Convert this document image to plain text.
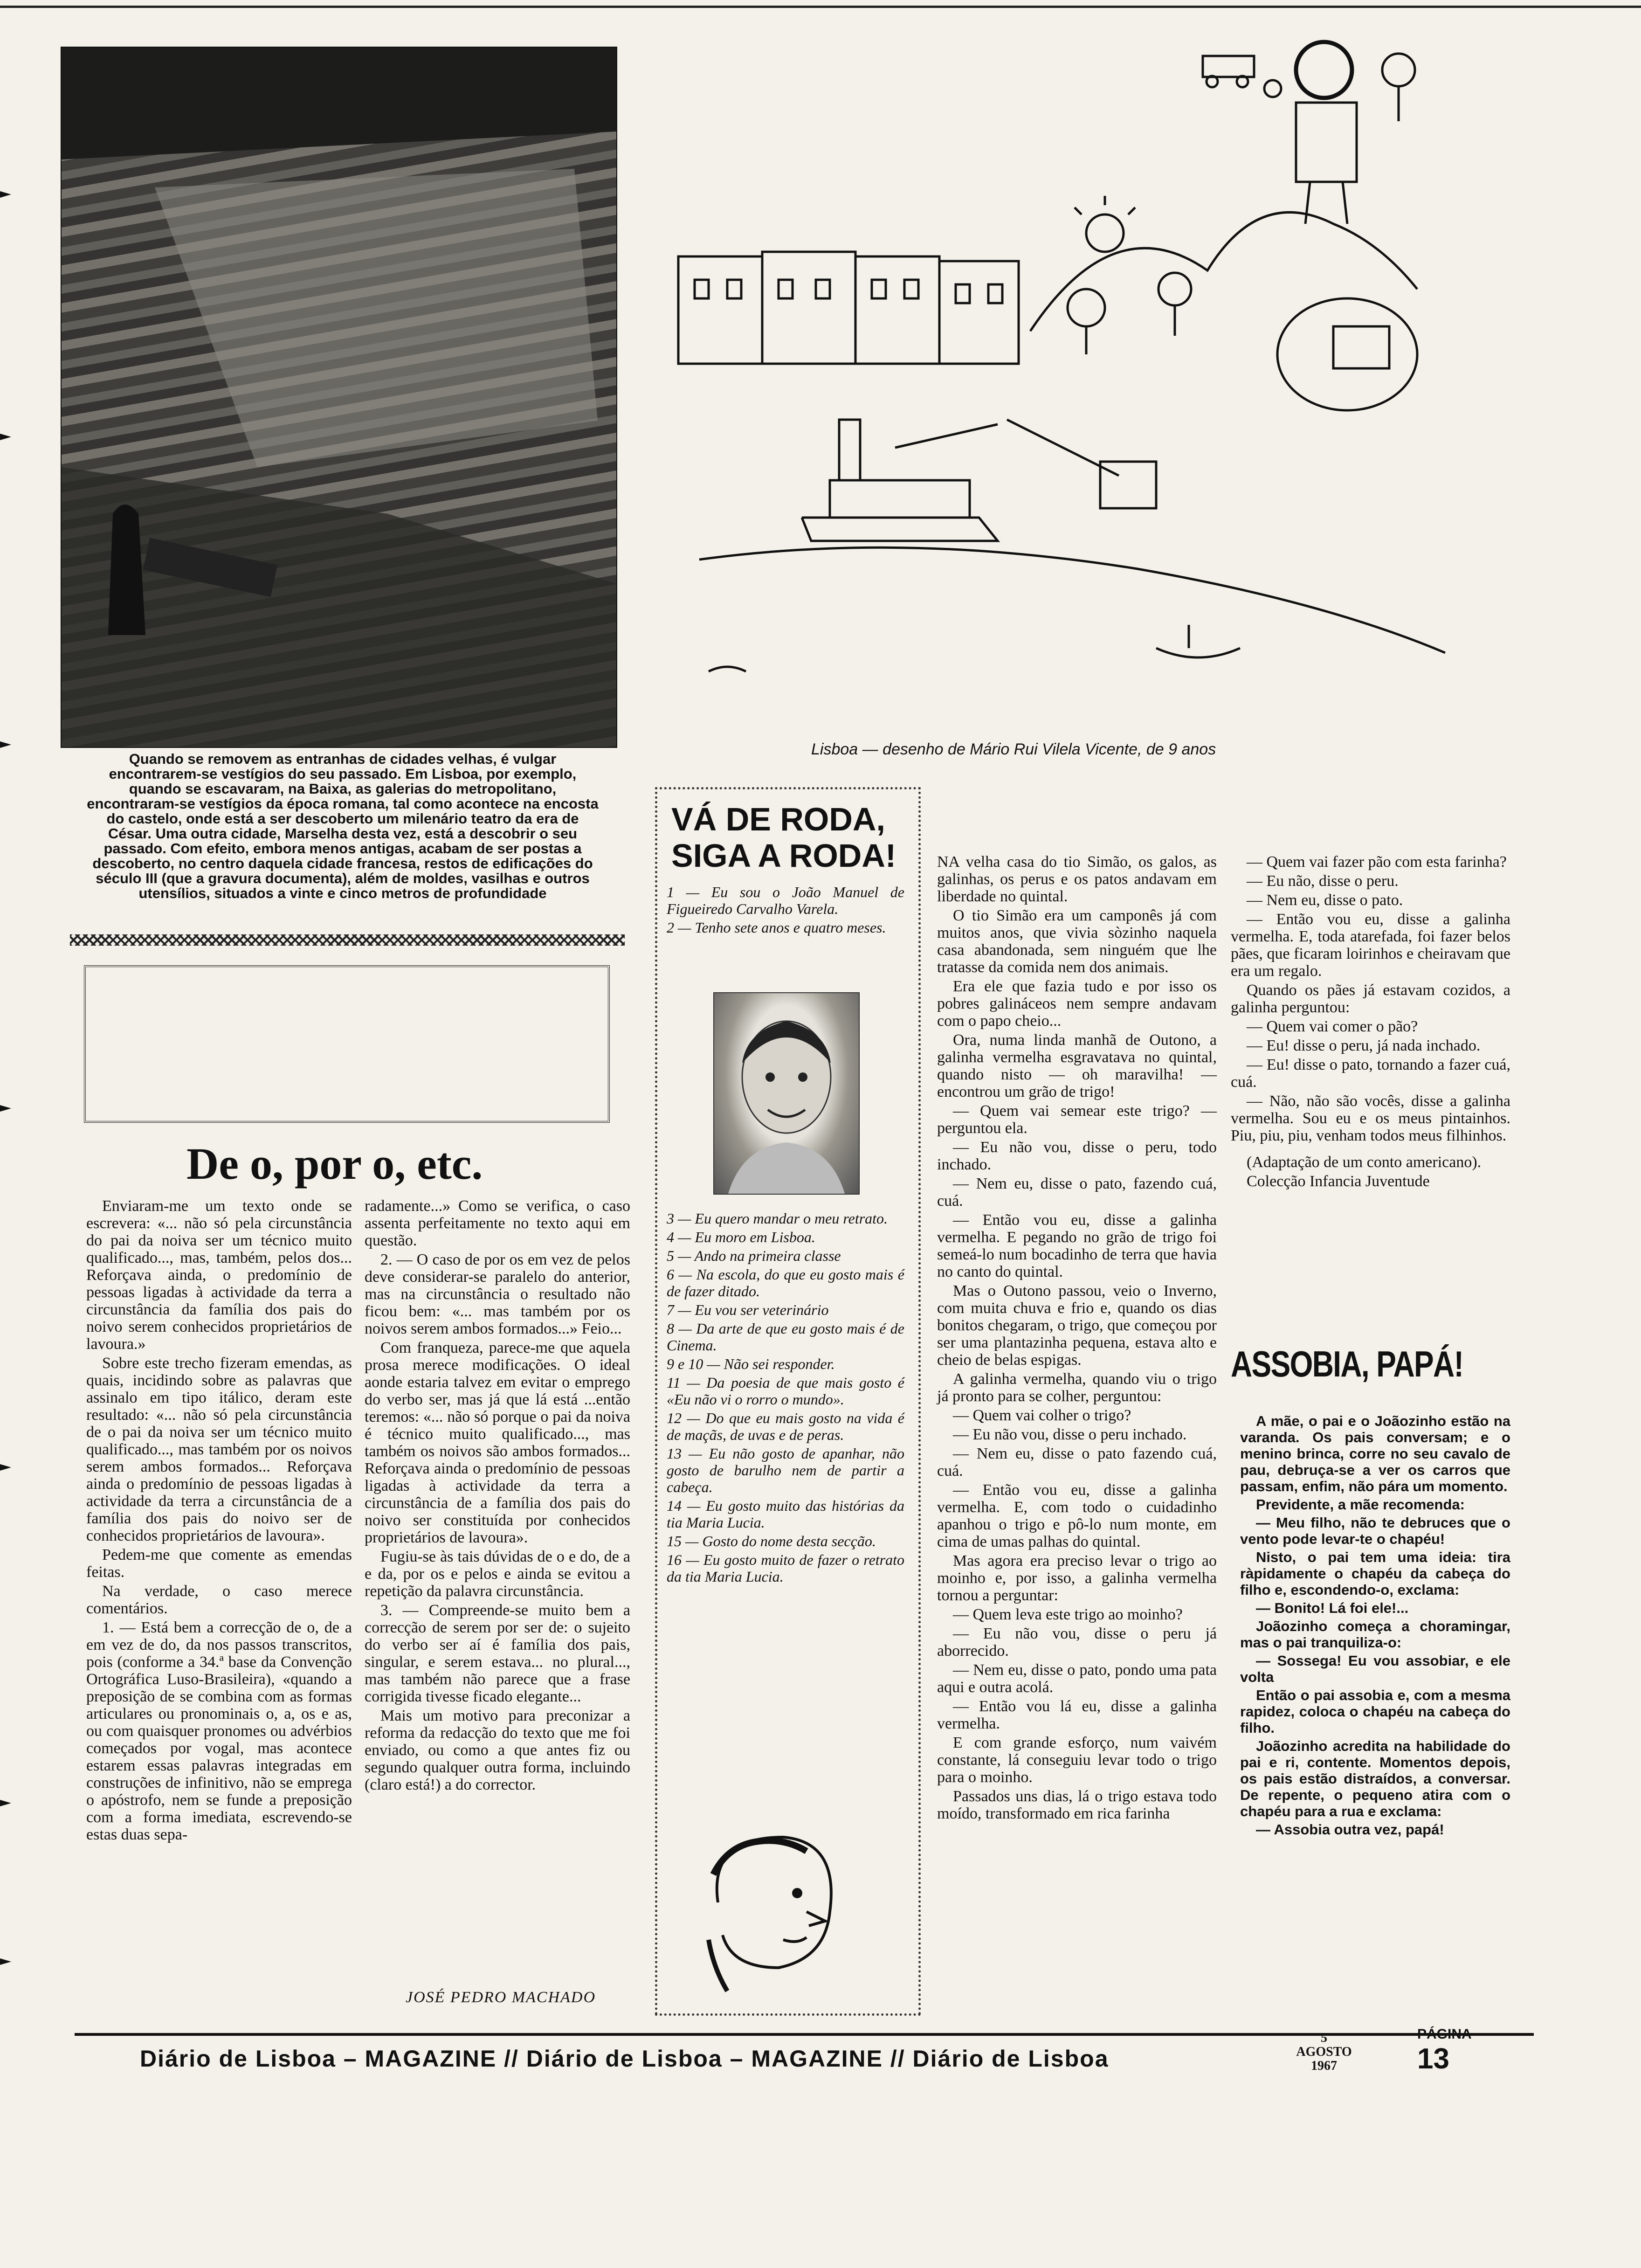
Quando se removem as entranhas de cidades velhas, é vulgar encontrarem-se vestígios do seu passado. Em Lisboa, por exemplo, quando se escavaram, na Baixa, as galerias do metropolitano, encontraram-se vestígios da época romana, tal como acontece na encosta do castelo, onde está a ser descoberto um milenário teatro da era de César. Uma outra cidade, Marselha desta vez, está a descobrir o seu passado. Com efeito, embora menos antigas, acabam de ser postas a descoberto, no centro daquela cidade francesa, restos de edificações do século III (que a gravura documenta), além de moldes, vasilhas e outros utensílios, situados a vinte e cinco metros de profundidade
Lisboa — desenho de Mário Rui Vilela Vicente, de 9 anos
De o, por o, etc.

Enviaram-me um texto onde se escrevera: «... não só pela circunstância do pai da noiva ser um técnico muito qualificado..., mas, também, pelos dos... Reforçava ainda, o predomínio de pessoas ligadas à actividade da terra a circunstância da família dos pais do noivo serem conhecidos proprietários de lavoura.»

Sobre este trecho fizeram emendas, as quais, incidindo sobre as palavras que assinalo em tipo itálico, deram este resultado: «... não só pela circunstância de o pai da noiva ser um técnico muito qualificado..., mas também por os noivos serem ambos formados... Reforçava ainda o predomínio de pessoas ligadas à actividade da terra a circunstância de a família dos pais do noivo ser de conhecidos proprietários de lavoura».

Pedem-me que comente as emendas feitas.

Na verdade, o caso merece comentários.

1. — Está bem a correcção de o, de a em vez de do, da nos passos transcritos, pois (conforme a 34.ª base da Convenção Ortográfica Luso-Brasileira), «quando a preposição de se combina com as formas articulares ou pronominais o, a, os e as, ou com quaisquer pronomes ou advérbios começados por vogal, mas acontece estarem essas palavras integradas em construções de infinitivo, não se emprega o apóstrofo, nem se funde a preposição com a forma imediata, escrevendo-se estas duas sepa-

radamente...» Como se verifica, o caso assenta perfeitamente no texto aqui em questão.

2. — O caso de por os em vez de pelos deve considerar-se paralelo do anterior, mas na circunstância o resultado não ficou bem: «... mas também por os noivos serem ambos formados...» Feio...

Com franqueza, parece-me que aquela prosa merece modificações. O ideal aonde estaria talvez em evitar o emprego do verbo ser, mas já que lá está ...então teremos: «... não só porque o pai da noiva é técnico muito qualificado..., mas também os noivos são ambos formados... Reforçava ainda o predomínio de pessoas ligadas à actividade da terra a circunstância de a família dos pais do noivo ser constituída por conhecidos proprietários de lavoura».

Fugiu-se às tais dúvidas de o e do, de a e da, por os e pelos e ainda se evitou a repetição da palavra circunstância.

3. — Compreende-se muito bem a correcção de serem por ser de: o sujeito do verbo ser aí é família dos pais, singular, e serem estava... no plural..., mas também não parece que a frase corrigida tivesse ficado elegante...

Mais um motivo para preconizar a reforma da redacção do texto que me foi enviado, ou como a que antes fiz ou segundo qualquer outra forma, incluindo (claro está!) a do corrector.

JOSÉ PEDRO MACHADO
VÁ DE RODA, SIGA A RODA!

1 — Eu sou o João Manuel de Figueiredo Carvalho Varela.

2 — Tenho sete anos e quatro meses.

3 — Eu quero mandar o meu retrato.

4 — Eu moro em Lisboa.

5 — Ando na primeira classe

6 — Na escola, do que eu gosto mais é de fazer ditado.

7 — Eu vou ser veterinário

8 — Da arte de que eu gosto mais é de Cinema.

9 e 10 — Não sei responder.

11 — Da poesia de que mais gosto é «Eu não vi o rorro o mundo».

12 — Do que eu mais gosto na vida é de maçãs, de uvas e de peras.

13 — Eu não gosto de apanhar, não gosto de barulho nem de partir a cabeça.

14 — Eu gosto muito das histórias da tia Maria Lucia.

15 — Gosto do nome desta secção.

16 — Eu gosto muito de fazer o retrato da tia Maria Lucia.

NA velha casa do tio Simão, os galos, as galinhas, os perus e os patos andavam em liberdade no quintal.

O tio Simão era um camponês já com muitos anos, que vivia sòzinho naquela casa abandonada, sem ninguém que lhe tratasse da comida nem dos animais.

Era ele que fazia tudo e por isso os pobres galináceos nem sempre andavam com o papo cheio...

Ora, numa linda manhã de Outono, a galinha vermelha esgravatava no quintal, quando nisto — oh maravilha! — encontrou um grão de trigo!

— Quem vai semear este trigo? — perguntou ela.

— Eu não vou, disse o peru, todo inchado.

— Nem eu, disse o pato, fazendo cuá, cuá.

— Então vou eu, disse a galinha vermelha. E pegando no grão de trigo foi semeá-lo num bocadinho de terra que havia no canto do quintal.

Mas o Outono passou, veio o Inverno, com muita chuva e frio e, quando os dias bonitos chegaram, o trigo, que começou por ser uma plantazinha pequena, estava alto e cheio de belas espigas.

A galinha vermelha, quando viu o trigo já pronto para se colher, perguntou:

— Quem vai colher o trigo?

— Eu não vou, disse o peru inchado.

— Nem eu, disse o pato fazendo cuá, cuá.

— Então vou eu, disse a galinha vermelha. E, com todo o cuidadinho apanhou o trigo e pô-lo num monte, em cima de umas palhas do quintal.

Mas agora era preciso levar o trigo ao moinho e, por isso, a galinha vermelha tornou a perguntar:

— Quem leva este trigo ao moinho?

— Eu não vou, disse o peru já aborrecido.

— Nem eu, disse o pato, pondo uma pata aqui e outra acolá.

— Então vou lá eu, disse a galinha vermelha.

E com grande esforço, num vaivém constante, lá conseguiu levar todo o trigo para o moinho.

Passados uns dias, lá o trigo estava todo moído, transformado em rica farinha

— Quem vai fazer pão com esta farinha?

— Eu não, disse o peru.

— Nem eu, disse o pato.

— Então vou eu, disse a galinha vermelha. E, toda atarefada, foi fazer belos pães, que ficaram loirinhos e cheiravam que era um regalo.

Quando os pães já estavam cozidos, a galinha perguntou:

— Quem vai comer o pão?

— Eu! disse o peru, já nada inchado.

— Eu! disse o pato, tornando a fazer cuá, cuá.

— Não, não são vocês, disse a galinha vermelha. Sou eu e os meus pintainhos. Piu, piu, piu, venham todos meus filhinhos.

(Adaptação de um conto americano).

Colecção Infancia Juventude

ASSOBIA, PAPÁ!

A mãe, o pai e o Joãozinho estão na varanda. Os pais conversam; e o menino brinca, corre no seu cavalo de pau, debruça-se a ver os carros que passam, enfim, não pára um momento.

Previdente, a mãe recomenda:

— Meu filho, não te debruces que o vento pode levar-te o chapéu!

Nisto, o pai tem uma ideia: tira ràpidamente o chapéu da cabeça do filho e, escondendo-o, exclama:

— Bonito! Lá foi ele!...

Joãozinho começa a choramingar, mas o pai tranquiliza-o:

— Sossega! Eu vou assobiar, e ele volta

Então o pai assobia e, com a mesma rapidez, coloca o chapéu na cabeça do filho.

Joãozinho acredita na habilidade do pai e ri, contente. Momentos depois, os pais estão distraídos, a conversar. De repente, o pequeno atira com o chapéu para a rua e exclama:

— Assobia outra vez, papá!

Diário de Lisboa – MAGAZINE // Diário de Lisboa – MAGAZINE // Diário de Lisboa
5
AGOSTO
1967
PÁGINA
13
